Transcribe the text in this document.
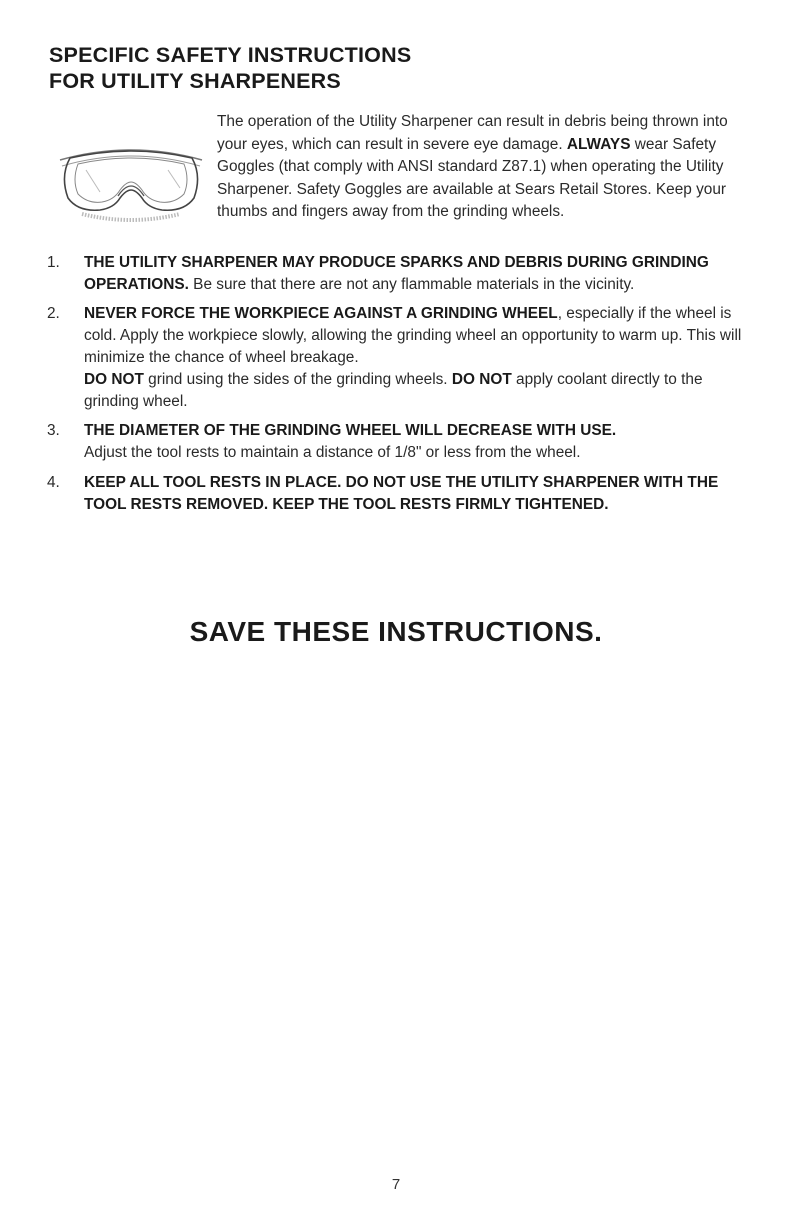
SPECIFIC SAFETY INSTRUCTIONS
FOR UTILITY SHARPENERS

The operation of the Utility Sharpener can result in debris being thrown into your eyes, which can result in severe eye damage. ALWAYS wear Safety Goggles (that comply with ANSI standard Z87.1) when operating the Utility Sharpener. Safety Goggles are available at Sears Retail Stores. Keep your thumbs and fingers away from the grinding wheels.

1. THE UTILITY SHARPENER MAY PRODUCE SPARKS AND DEBRIS DURING GRINDING OPERATIONS. Be sure that there are not any flammable materials in the vicinity.
2. NEVER FORCE THE WORKPIECE AGAINST A GRINDING WHEEL, especially if the wheel is cold. Apply the workpiece slowly, allowing the grinding wheel an opportunity to warm up. This will minimize the chance of wheel breakage.
DO NOT grind using the sides of the grinding wheels. DO NOT apply coolant directly to the grinding wheel.
3. THE DIAMETER OF THE GRINDING WHEEL WILL DECREASE WITH USE.
Adjust the tool rests to maintain a distance of 1/8" or less from the wheel.
4. KEEP ALL TOOL RESTS IN PLACE. DO NOT USE THE UTILITY SHARPENER WITH THE TOOL RESTS REMOVED. KEEP THE TOOL RESTS FIRMLY TIGHTENED.
SAVE THESE INSTRUCTIONS.
7
